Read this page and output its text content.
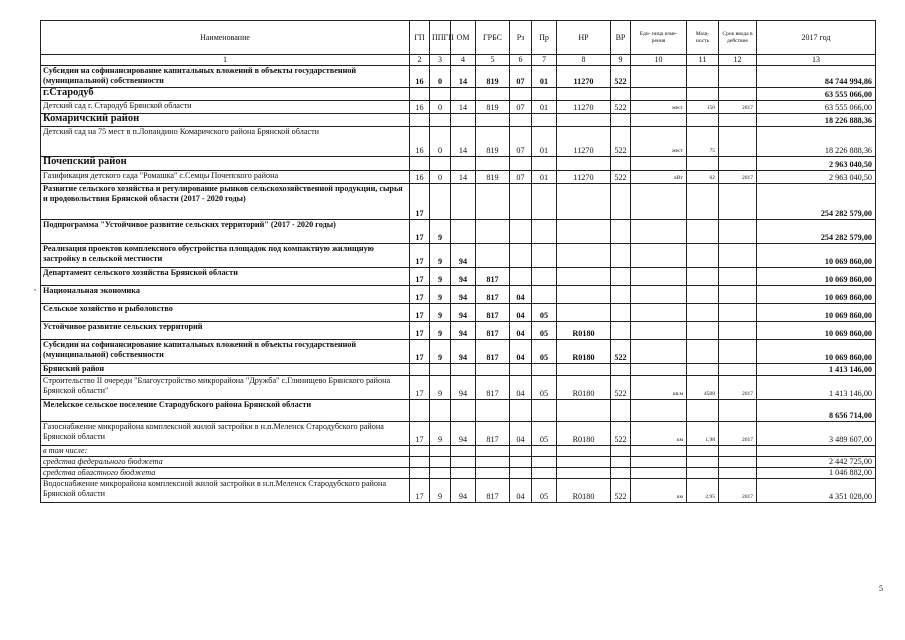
Наименование	ГП	ППГП	ОМ	ГРБС	Рз	Пр	НР	ВР	Еди- ница изме- рения	Мощ- ность	Срок ввода в действие	2017 год
1	2	3	4	5	6	7	8	9	10	11	12	13
Субсидии на софинансирование капитальных вложений в объекты государственной (муниципальной) собственности	16	0	14	819	07	01	11270	522				84 744 994,86
г.Стародуб												63 555 066,00
Детский сад г. Стародуб Брянской области	16	0	14	819	07	01	11270	522	мест	150	2017	63 555 066,00
Комаричский район												18 226 888,36
Детский сад на 75 мест в п.Лопандино Комаричского района Брянской области	16	0	14	819	07	01	11270	522	мест	75		18 226 888,36
Почепский район												2 963 040,50
Газификация детского сада "Ромашка" с.Семцы Почепского района	16	0	14	819	07	01	11270	522	кВт	62	2017	2 963 040,50
Развитие сельского хозяйства и регулирование рынков сельскохозяйственной продукции, сырья и продовольствия Брянской области (2017 - 2020 годы)	17											254 282 579,00
Подпрограмма "Устойчивое развитие сельских территорий" (2017 - 2020 годы)	17	9										254 282 579,00
Реализация проектов комплексного обустройства площадок под компактную жилищную застройку в сельской местности	17	9	94									10 069 860,00
Департамент сельского хозяйства Брянской области	17	9	94	817								10 069 860,00
Национальная экономика	17	9	94	817	04							10 069 860,00
Сельское хозяйство и рыболовство	17	9	94	817	04	05						10 069 860,00
Устойчивое развитие сельских территорий	17	9	94	817	04	05	R0180					10 069 860,00
Субсидии на софинансирование капитальных вложений в объекты государственной (муниципальной) собственности	17	9	94	817	04	05	R0180	522				10 069 860,00
Брянский район												1 413 146,00
Строительство II очереди "Благоустройство микрорайона "Дружба" с.Глинищево Брянского района Брянской области"	17	9	94	817	04	05	R0180	522	кв.м	4508	2017	1 413 146,00
Мелеkское сельское поселение Стародубского района Брянской области												8 656 714,00
Газоснабжение микрорайона комплексной жилой застройки в н.п.Меленск Стародубского района Брянской области	17	9	94	817	04	05	R0180	522	км	1,98	2017	3 489 607,00
в том числе:												
средства федерального бюджета												2 442 725,00
средства областного бюджета												1 046 882,00
Водоснабжение микрорайона комплексной жилой застройки в н.п.Меленск Стародубского района Брянской области	17	9	94	817	04	05	R0180	522	км	2,95	2017	4 351 028,00
5
,
